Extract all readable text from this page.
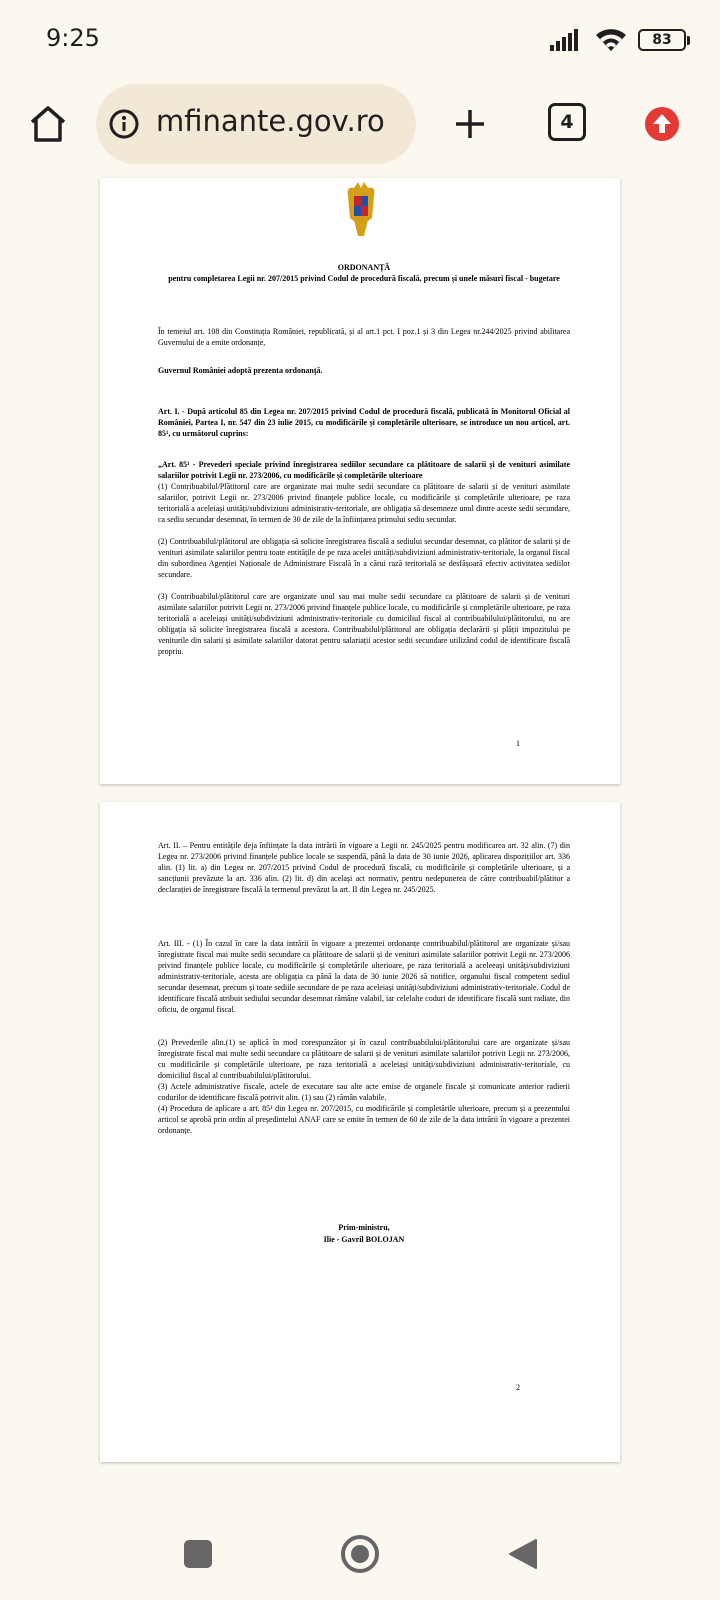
9:25	83
mfinante.gov.ro	4
ORDONANȚĂ
pentru completarea Legii nr. 207/2015 privind Codul de procedură fiscală, precum și unele măsuri fiscal - bugetare
În temeiul art. 108 din Constituția României, republicată, și al art.1 pct. I poz.1 și 3 din Legea nr.244/2025 privind abilitarea Guvernului de a emite ordonanțe,
Guvernul României adoptă prezenta ordonanță.
Art. I. - După articolul 85 din Legea nr. 207/2015 privind Codul de procedură fiscală, publicată în Monitorul Oficial al României, Partea I, nr. 547 din 23 iulie 2015, cu modificările și completările ulterioare, se introduce un nou articol, art. 85¹, cu următorul cuprins:
„Art. 85¹ - Prevederi speciale privind înregistrarea sediilor secundare ca plătitoare de salarii și de venituri asimilate salariilor potrivit Legii nr. 273/2006, cu modificările și completările ulterioare
(1) Contribuabilul/Plătitorul care are organizate mai multe sedii secundare ca plătitoare de salarii și de venituri asimilate salariilor, potrivit Legii nr. 273/2006 privind finanțele publice locale, cu modificările și completările ulterioare, pe raza teritorială a aceleiași unități/subdiviziuni administrativ-teritoriale, are obligația să desemneze unul dintre aceste sedii secundare, ca sediu secundar desemnat, în termen de 30 de zile de la înființarea primului sediu secundar.
(2) Contribuabilul/plătitorul are obligația să solicite înregistrarea fiscală a sediului secundar desemnat, ca plătitor de salarii și de venituri asimilate salariilor pentru toate entitățile de pe raza acelei unități/subdiviziuni administrativ-teritoriale, la organul fiscal din subordinea Agenției Naționale de Administrare Fiscală în a cărui rază teritorială se desfășoară efectiv activitatea sediilor secundare.
(3) Contribuabilul/plătitorul care are organizate unul sau mai multe sedii secundare ca plătitoare de salarii și de venituri asimilate salariilor potrivit Legii nr. 273/2006 privind finanțele publice locale, cu modificările și completările ulterioare, pe raza teritorială a aceleiași unități/subdiviziuni administrativ-teritoriale cu domiciliul fiscal al contribuabilului/plătitorului, nu are obligația să solicite înregistrarea fiscală a acestora. Contribuabilul/plătitorul are obligația declarării și plății impozitului pe veniturile din salarii și asimilate salariilor datorat pentru salariații acestor sedii secundare utilizând codul de identificare fiscală propriu.
1
Art. II. – Pentru entitățile deja înființate la data intrării în vigoare a Legii nr. 245/2025 pentru modificarea art. 32 alin. (7) din Legea nr. 273/2006 privind finanțele publice locale se suspendă, până la data de 30 iunie 2026, aplicarea dispozițiilor art. 336 alin. (1) lit. a) din Legea nr. 207/2015 privind Codul de procedură fiscală, cu modificările și completările ulterioare, și a sancțiunii prevăzute la art. 336 alin. (2) lit. d) din același act normativ, pentru nedepunerea de către contribuabil/plătitor a declarației de înregistrare fiscală la termenul prevăzut la art. II din Legea nr. 245/2025.
Art. III. - (1) În cazul în care la data intrării în vigoare a prezentei ordonanțe contribuabilul/plătitorul are organizate și/sau înregistrate fiscal mai multe sedii secundare ca plătitoare de salarii și de venituri asimilate salariilor potrivit Legii nr. 273/2006 privind finanțele publice locale, cu modificările și completările ulterioare, pe raza teritorială a aceleeași unități/subdiviziuni administrativ-teritoriale, acesta are obligația ca până la data de 30 iunie 2026 să notifice, organului fiscal competent sediul secundar desemnat, precum și toate sediile secundare de pe raza aceleiași unități/subdiviziuni administrativ-teritoriale. Codul de identificare fiscală atribuit sediului secundar desemnat rămâne valabil, iar celelalte coduri de identificare fiscală sunt radiate, din oficiu, de organul fiscal.
(2) Prevederile alin.(1) se aplică în mod corespunzător și în cazul contribuabilului/plătitorului care are organizate și/sau înregistrate fiscal mai multe sedii secundare ca plătitoare de salarii și de venituri asimilate salariilor potrivit Legii nr. 273/2006, cu modificările și completările ulterioare, pe raza teritorială a aceleiași unități/subdiviziuni administrativ-teritoriale, cu domiciliul fiscal al contribuabilului/plătitorului.
(3) Actele administrative fiscale, actele de executare sau alte acte emise de organele fiscale și comunicate anterior radierii codurilor de identificare fiscală potrivit alin. (1) sau (2) rămân valabile.
(4) Procedura de aplicare a art. 85¹ din Legea nr. 207/2015, cu modificările și completările ulterioare, precum și a prezentului articol se aprobă prin ordin al președintelui ANAF care se emite în termen de 60 de zile de la data intrării în vigoare a prezentei ordonanțe.
Prim-ministru,
Ilie - Gavril BOLOJAN
2
